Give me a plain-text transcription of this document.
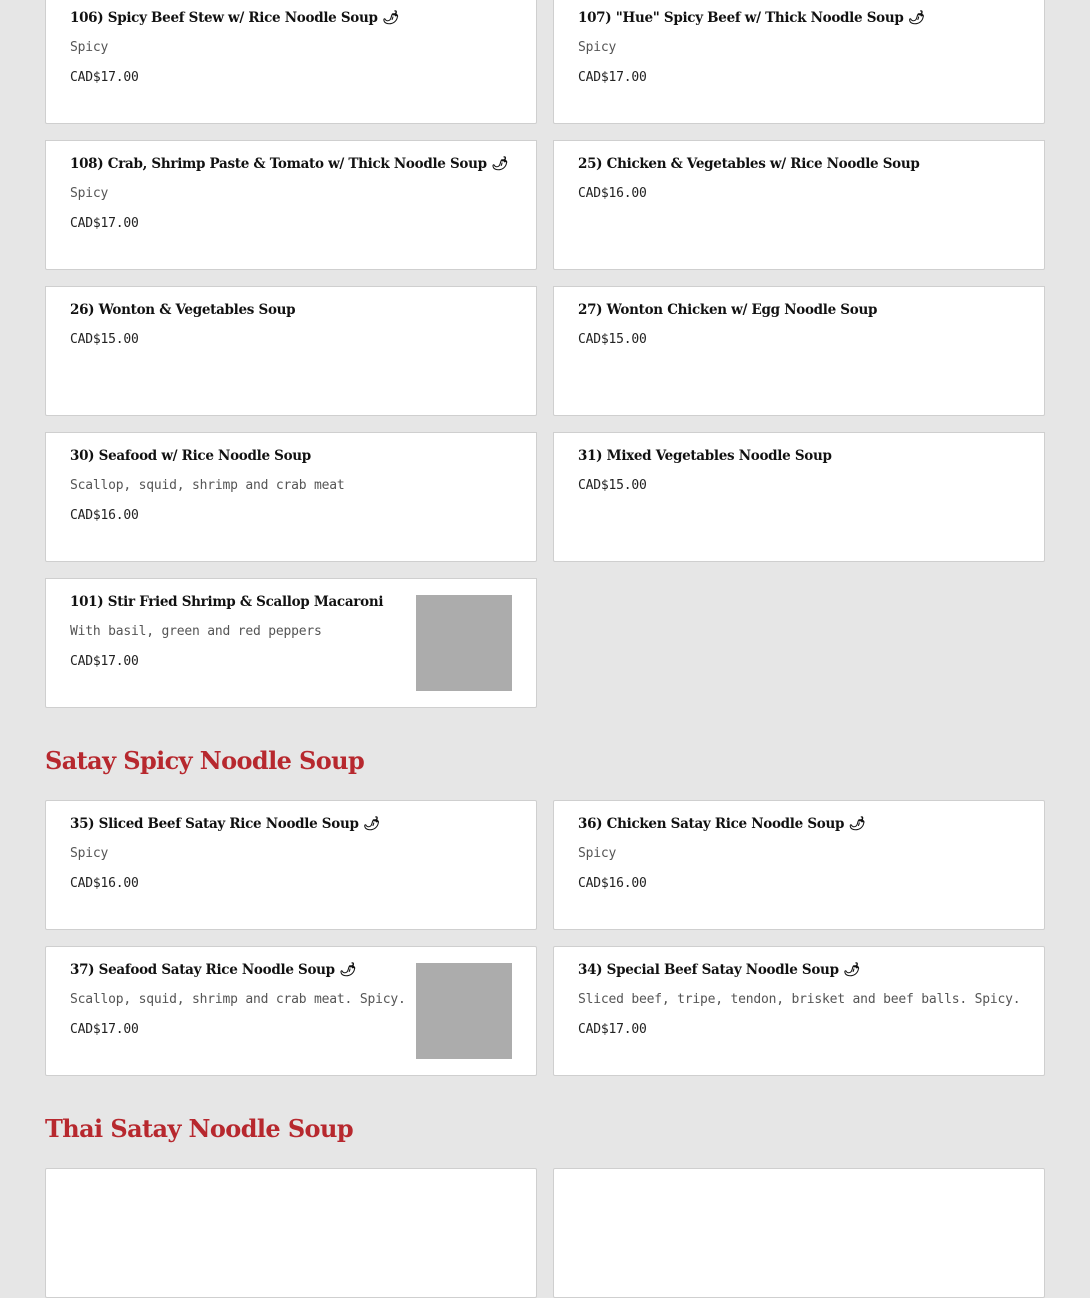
106) Spicy Beef Stew w/ Rice Noodle Soup 🌶
Spicy
CAD$17.00
107) "Hue" Spicy Beef w/ Thick Noodle Soup 🌶
Spicy
CAD$17.00
108) Crab, Shrimp Paste & Tomato w/ Thick Noodle Soup 🌶
Spicy
CAD$17.00
25) Chicken & Vegetables w/ Rice Noodle Soup
CAD$16.00
26) Wonton & Vegetables Soup
CAD$15.00
27) Wonton Chicken w/ Egg Noodle Soup
CAD$15.00
30) Seafood w/ Rice Noodle Soup
Scallop, squid, shrimp and crab meat
CAD$16.00
31) Mixed Vegetables Noodle Soup
CAD$15.00
101) Stir Fried Shrimp & Scallop Macaroni
With basil, green and red peppers
CAD$17.00
Satay Spicy Noodle Soup
35) Sliced Beef Satay Rice Noodle Soup 🌶
Spicy
CAD$16.00
36) Chicken Satay Rice Noodle Soup 🌶
Spicy
CAD$16.00
37) Seafood Satay Rice Noodle Soup 🌶
Scallop, squid, shrimp and crab meat. Spicy.
CAD$17.00
34) Special Beef Satay Noodle Soup 🌶
Sliced beef, tripe, tendon, brisket and beef balls. Spicy.
CAD$17.00
Thai Satay Noodle Soup
